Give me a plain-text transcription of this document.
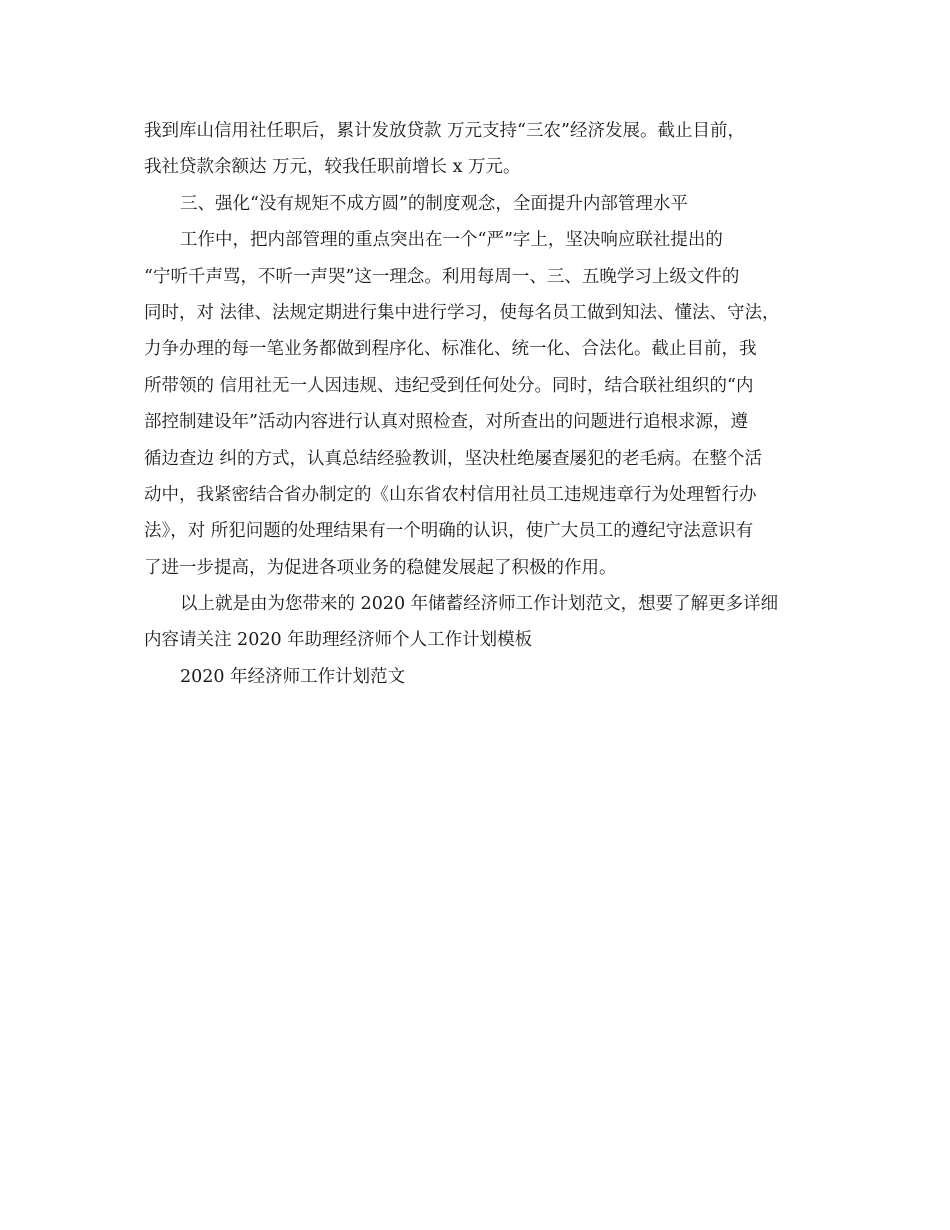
我到库山信用社任职后，累计发放贷款 万元支持“三农”经济发展。截止目前，
我社贷款余额达 万元，较我任职前增长 x 万元。
三、强化“没有规矩不成方圆”的制度观念，全面提升内部管理水平
工作中，把内部管理的重点突出在一个“严”字上，坚决响应联社提出的
“宁听千声骂，不听一声哭”这一理念。利用每周一、三、五晚学习上级文件的
同时，对 法律、法规定期进行集中进行学习，使每名员工做到知法、懂法、守法，
力争办理的每一笔业务都做到程序化、标准化、统一化、合法化。截止目前，我
所带领的 信用社无一人因违规、违纪受到任何处分。同时，结合联社组织的“内
部控制建设年”活动内容进行认真对照检查，对所查出的问题进行追根求源，遵
循边查边 纠的方式，认真总结经验教训，坚决杜绝屡查屡犯的老毛病。在整个活
动中，我紧密结合省办制定的《山东省农村信用社员工违规违章行为处理暂行办
法》，对 所犯问题的处理结果有一个明确的认识，使广大员工的遵纪守法意识有
了进一步提高，为促进各项业务的稳健发展起了积极的作用。
以上就是由为您带来的 2020 年储蓄经济师工作计划范文，想要了解更多详细
内容请关注 2020 年助理经济师个人工作计划模板
2020 年经济师工作计划范文
